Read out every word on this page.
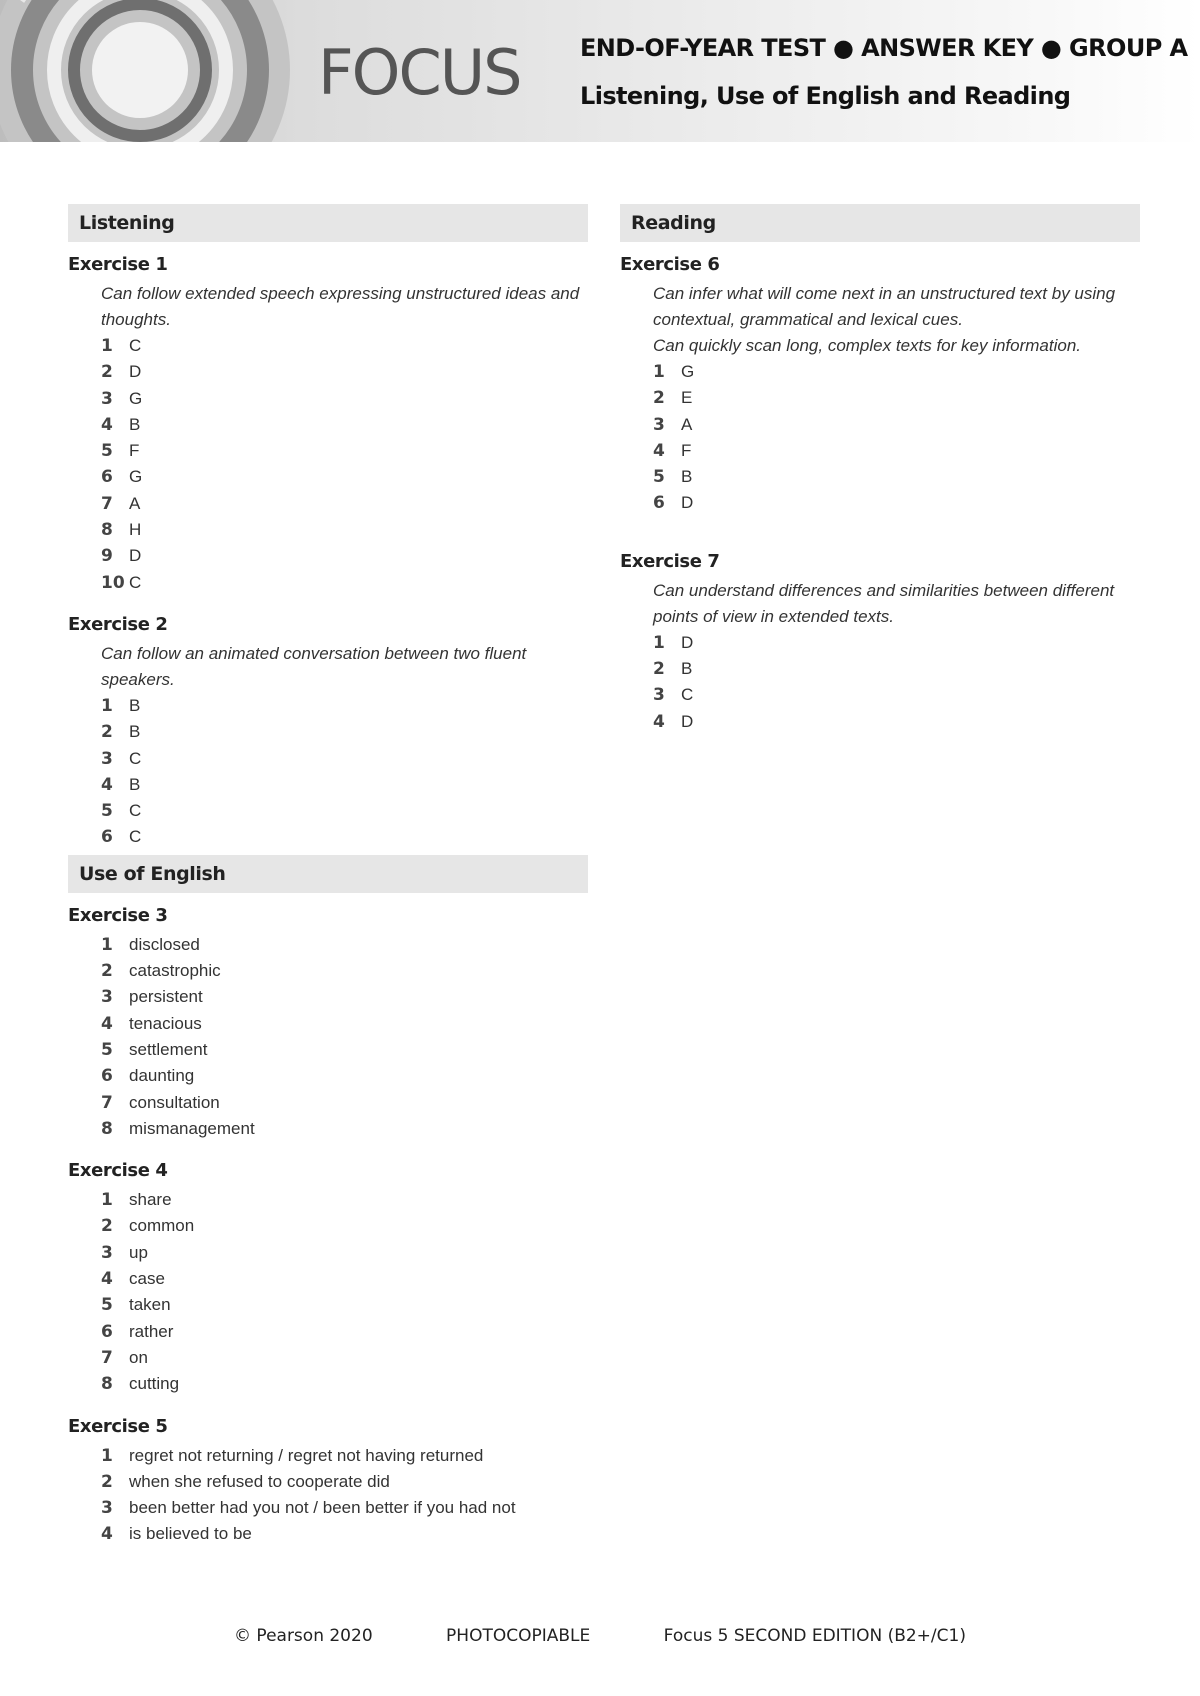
FOCUS END-OF-YEAR TEST ● ANSWER KEY ● GROUP A
Listening, Use of English and Reading
Listening
Exercise 1

Can follow extended speech expressing unstructured ideas and thoughts.

1 C
2 D
3 G
4 B
5 F
6 G
7 A
8 H
9 D
10 C
Exercise 2

Can follow an animated conversation between two fluent speakers.

1 B
2 B
3 C
4 B
5 C
6 C
Use of English
Exercise 3
1 disclosed
2 catastrophic
3 persistent
4 tenacious
5 settlement
6 daunting
7 consultation
8 mismanagement
Exercise 4
1 share
2 common
3 up
4 case
5 taken
6 rather
7 on
8 cutting
Exercise 5
1 regret not returning / regret not having returned
2 when she refused to cooperate did
3 been better had you not / been better if you had not
4 is believed to be
Reading
Exercise 6

Can infer what will come next in an unstructured text by using contextual, grammatical and lexical cues.

Can quickly scan long, complex texts for key information.

1 G
2 E
3 A
4 F
5 B
6 D
Exercise 7

Can understand differences and similarities between different points of view in extended texts.

1 D
2 B
3 C
4 D
© Pearson 2020	PHOTOCOPIABLE	Focus 5 SECOND EDITION (B2+/C1)
